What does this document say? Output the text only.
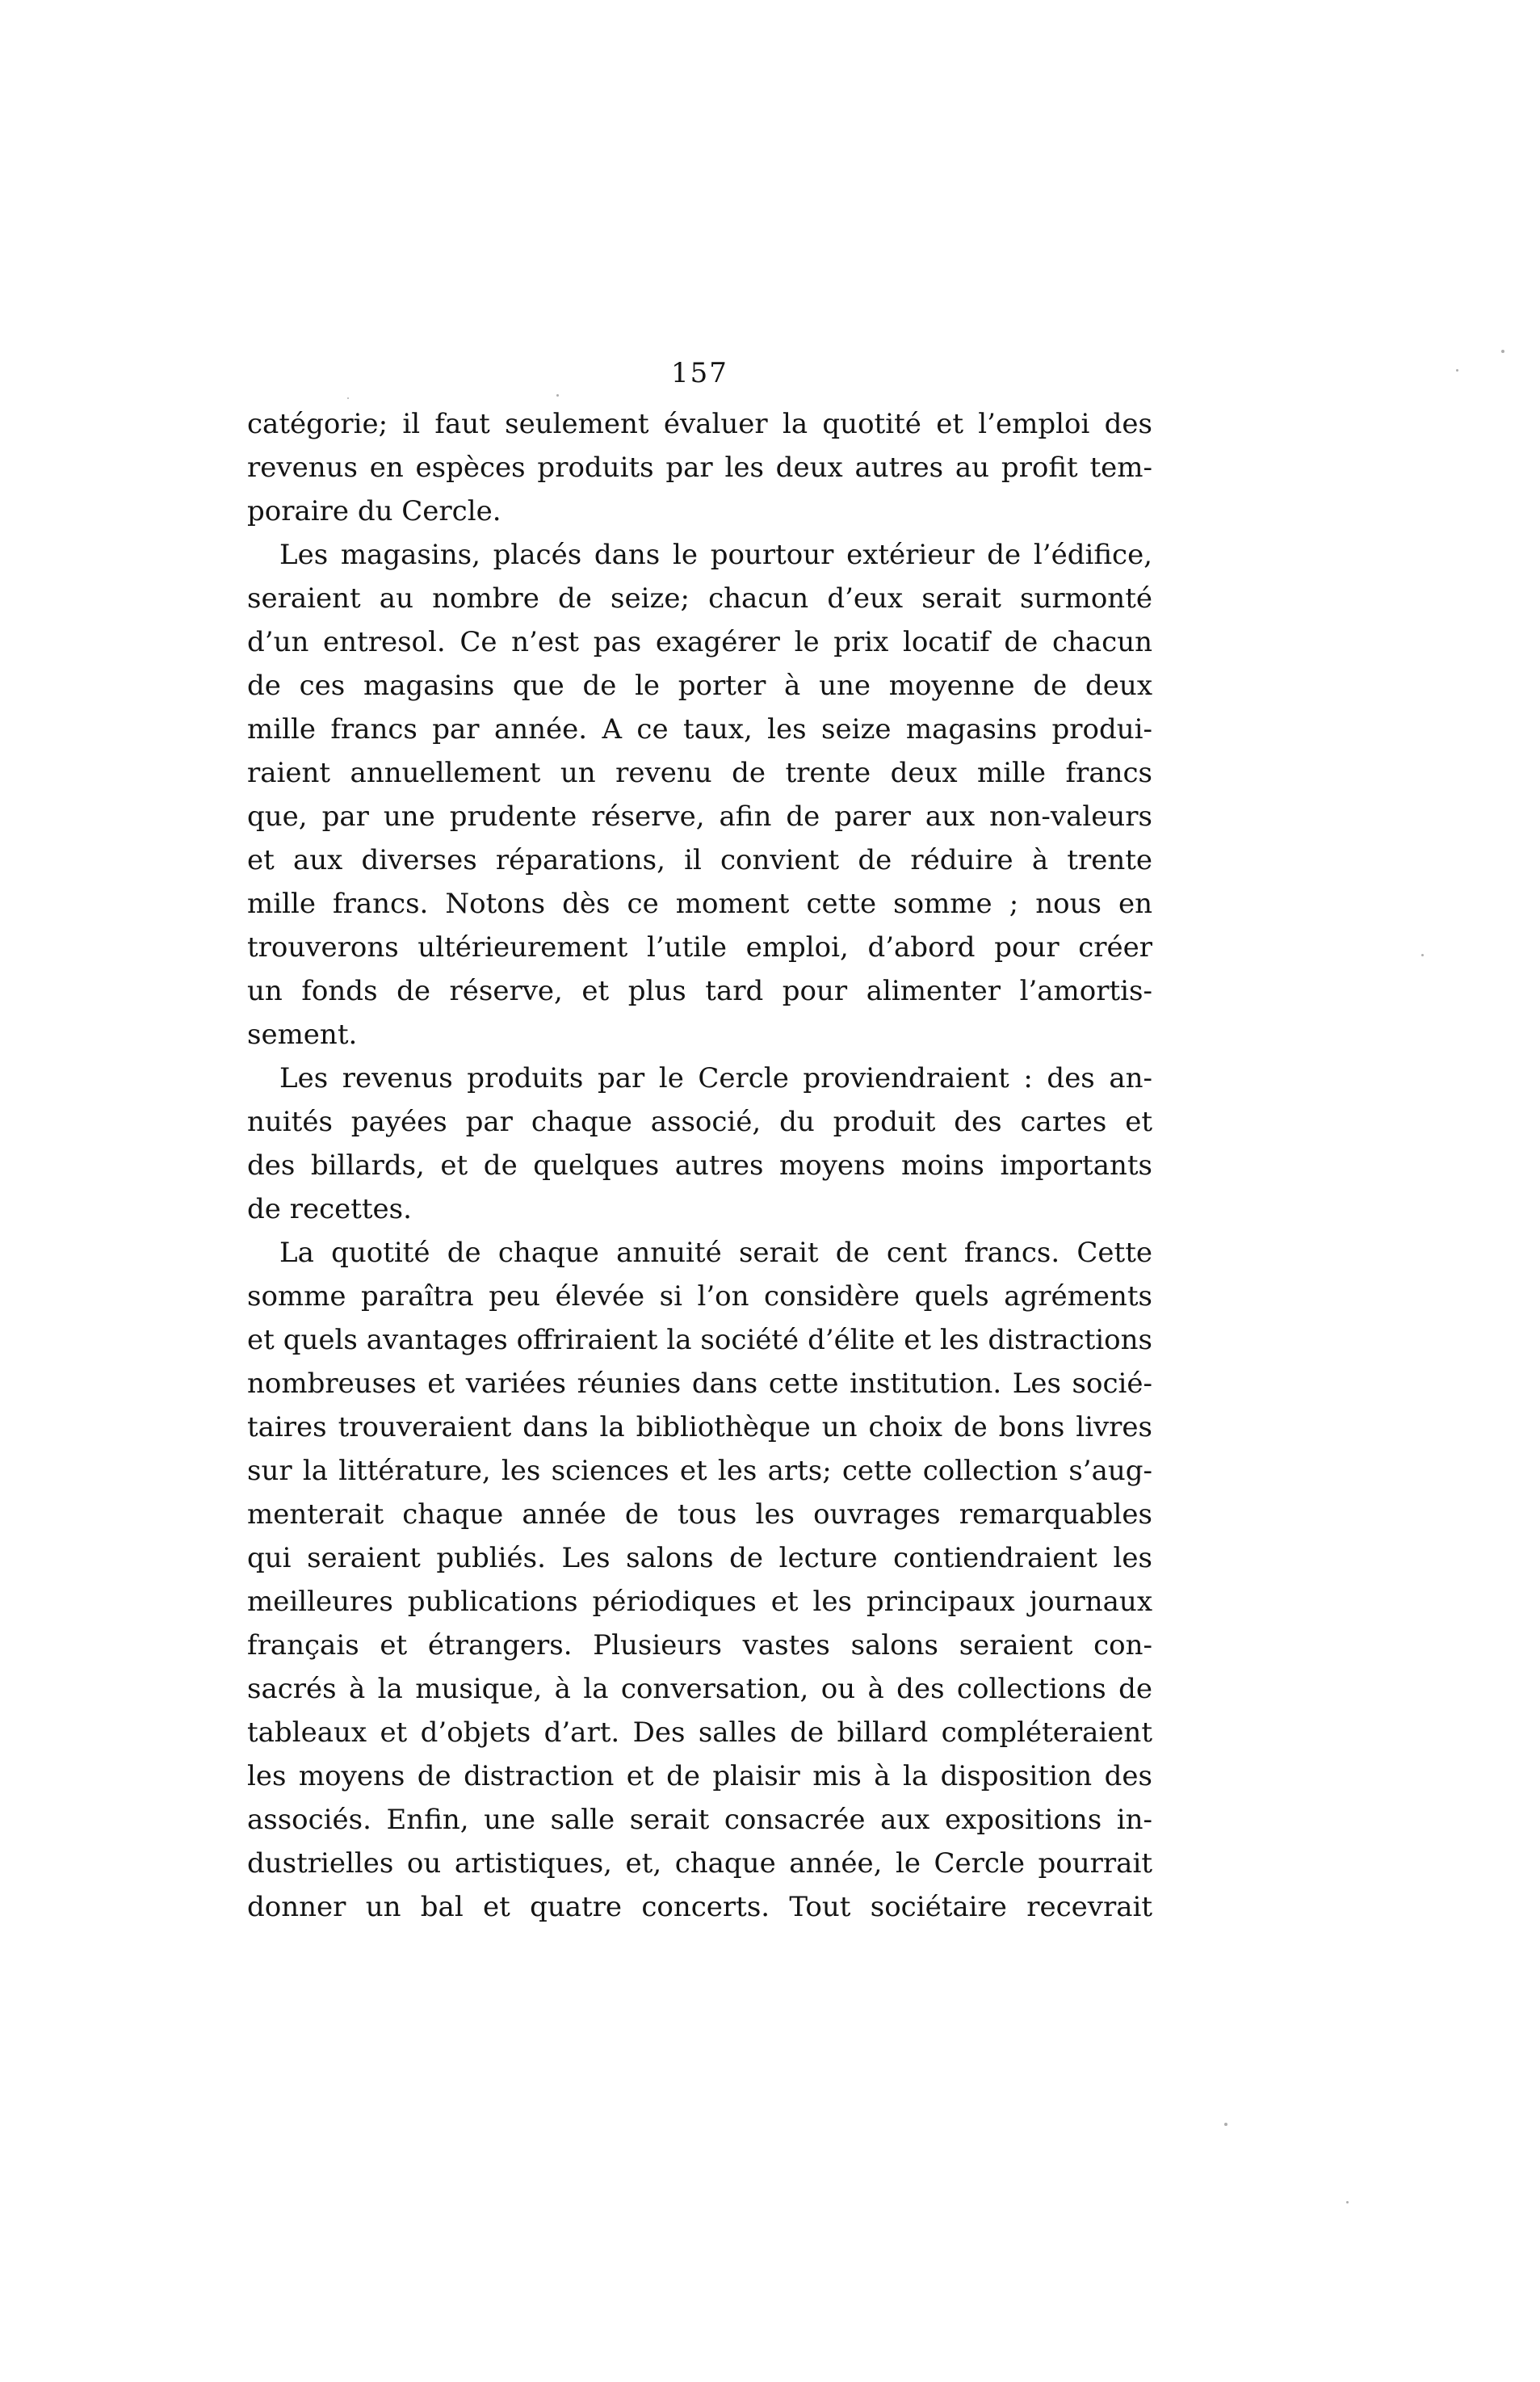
157
catégorie; il faut seulement évaluer la quotité et l’emploi des
revenus en espèces produits par les deux autres au profit tem-
poraire du Cercle.
Les magasins, placés dans le pourtour extérieur de l’édifice,
seraient au nombre de seize; chacun d’eux serait surmonté
d’un entresol. Ce n’est pas exagérer le prix locatif de chacun
de ces magasins que de le porter à une moyenne de deux
mille francs par année. A ce taux, les seize magasins produi-
raient annuellement un revenu de trente deux mille francs
que, par une prudente réserve, afin de parer aux non-valeurs
et aux diverses réparations, il convient de réduire à trente
mille francs. Notons dès ce moment cette somme ; nous en
trouverons ultérieurement l’utile emploi, d’abord pour créer
un fonds de réserve, et plus tard pour alimenter l’amortis-
sement.
Les revenus produits par le Cercle proviendraient : des an-
nuités payées par chaque associé, du produit des cartes et
des billards, et de quelques autres moyens moins importants
de recettes.
La quotité de chaque annuité serait de cent francs. Cette
somme paraîtra peu élevée si l’on considère quels agréments
et quels avantages offriraient la société d’élite et les distractions
nombreuses et variées réunies dans cette institution. Les socié-
taires trouveraient dans la bibliothèque un choix de bons livres
sur la littérature, les sciences et les arts; cette collection s’aug-
menterait chaque année de tous les ouvrages remarquables
qui seraient publiés. Les salons de lecture contiendraient les
meilleures publications périodiques et les principaux journaux
français et étrangers. Plusieurs vastes salons seraient con-
sacrés à la musique, à la conversation, ou à des collections de
tableaux et d’objets d’art. Des salles de billard compléteraient
les moyens de distraction et de plaisir mis à la disposition des
associés. Enfin, une salle serait consacrée aux expositions in-
dustrielles ou artistiques, et, chaque année, le Cercle pourrait
donner un bal et quatre concerts. Tout sociétaire recevrait
